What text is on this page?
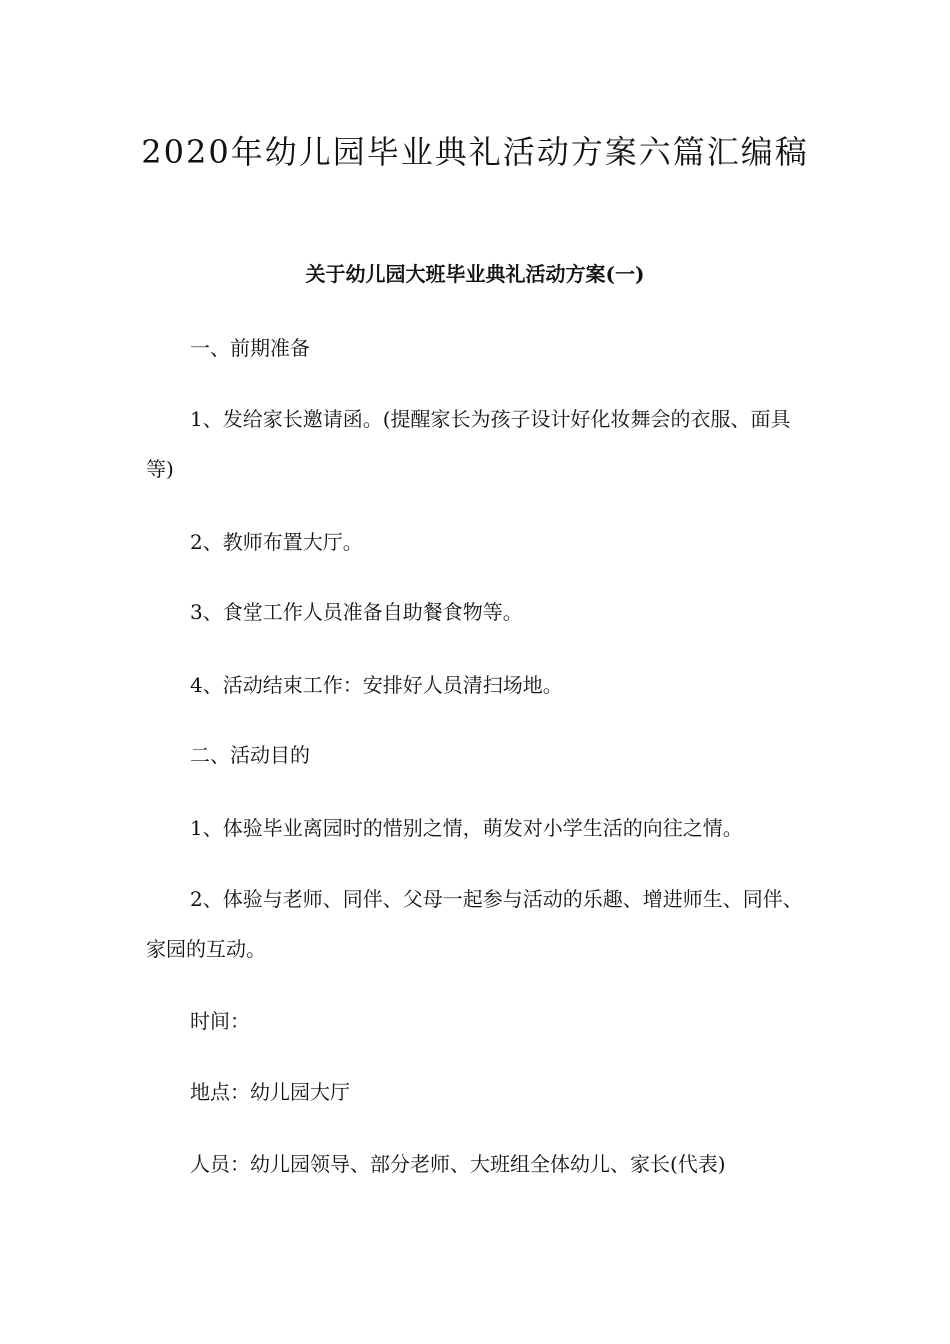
2020年幼儿园毕业典礼活动方案六篇汇编稿
关于幼儿园大班毕业典礼活动方案(一)
一、前期准备
1、发给家长邀请函。(提醒家长为孩子设计好化妆舞会的衣服、面具等)
2、教师布置大厅。
3、食堂工作人员准备自助餐食物等。
4、活动结束工作：安排好人员清扫场地。
二、活动目的
1、体验毕业离园时的惜别之情，萌发对小学生活的向往之情。
2、体验与老师、同伴、父母一起参与活动的乐趣、增进师生、同伴、家园的互动。
时间：
地点：幼儿园大厅
人员：幼儿园领导、部分老师、大班组全体幼儿、家长(代表)
